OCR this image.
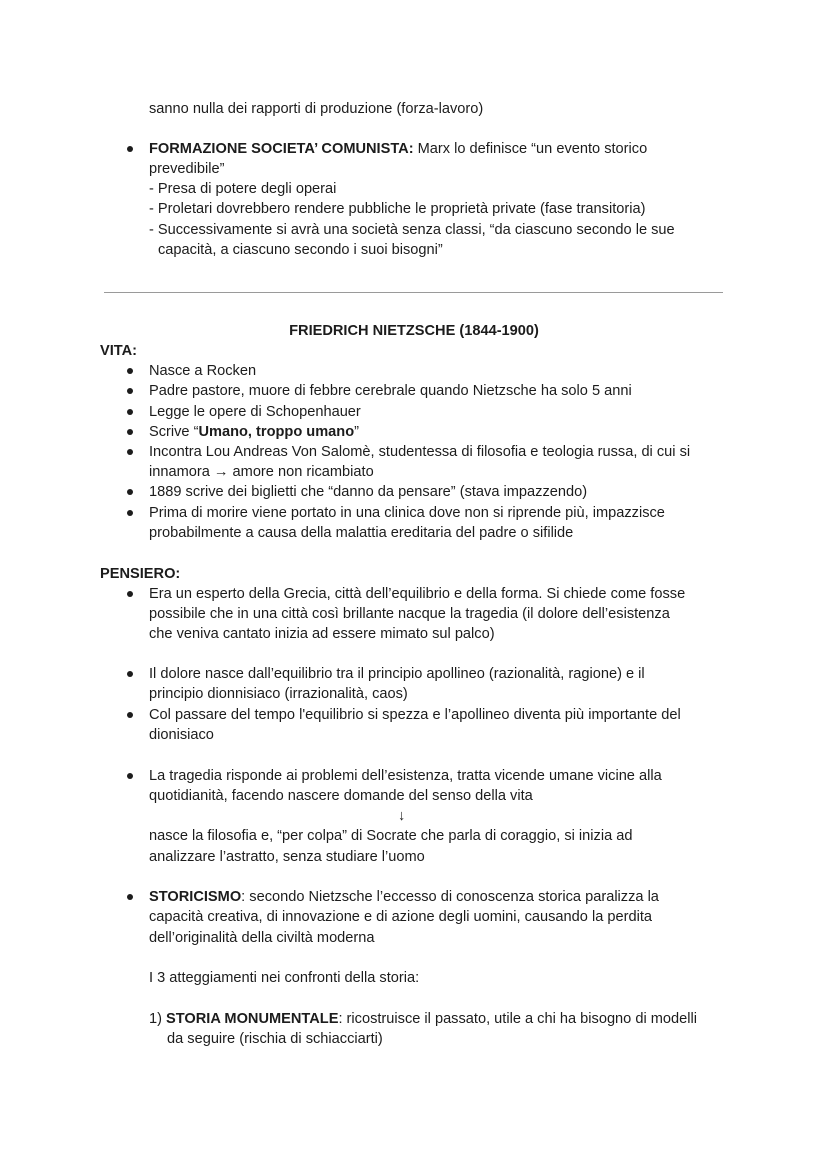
sanno nulla dei rapporti di produzione (forza-lavoro)
FORMAZIONE SOCIETA’ COMUNISTA: Marx lo definisce “un evento storico
prevedibile”
- Presa di potere degli operai
- Proletari dovrebbero rendere pubbliche le proprietà private (fase transitoria)
- Successivamente si avrà una società senza classi, “da ciascuno secondo le sue
capacità, a ciascuno secondo i suoi bisogni”
FRIEDRICH NIETZSCHE (1844-1900)
VITA:
Nasce a Rocken
Padre pastore, muore di febbre cerebrale quando Nietzsche ha solo 5 anni
Legge le opere di Schopenhauer
Scrive “Umano, troppo umano”
Incontra Lou Andreas Von Salomè, studentessa di filosofia e teologia russa, di cui si
innamora → amore non ricambiato
1889 scrive dei biglietti che “danno da pensare” (stava impazzendo)
Prima di morire viene portato in una clinica dove non si riprende più, impazzisce
probabilmente a causa della malattia ereditaria del padre o sifilide
PENSIERO:
Era un esperto della Grecia, città dell’equilibrio e della forma. Si chiede come fosse
possibile che in una città così brillante nacque la tragedia (il dolore dell’esistenza
che veniva cantato inizia ad essere mimato sul palco)
Il dolore nasce dall’equilibrio tra il principio apollineo (razionalità, ragione) e il
principio dionnisiaco (irrazionalità, caos)
Col passare del tempo l'equilibrio si spezza e l’apollineo diventa più importante del
dionisiaco
La tragedia risponde ai problemi dell’esistenza, tratta vicende umane vicine alla
quotidianità, facendo nascere domande del senso della vita
↓
nasce la filosofia e, “per colpa” di Socrate che parla di coraggio, si inizia ad
analizzare l’astratto, senza studiare l’uomo
STORICISMO: secondo Nietzsche l’eccesso di conoscenza storica paralizza la
capacità creativa, di innovazione e di azione degli uomini, causando la perdita
dell’originalità della civiltà moderna
I 3 atteggiamenti nei confronti della storia:
1) STORIA MONUMENTALE: ricostruisce il passato, utile a chi ha bisogno di modelli
da seguire (rischia di schiacciarti)
